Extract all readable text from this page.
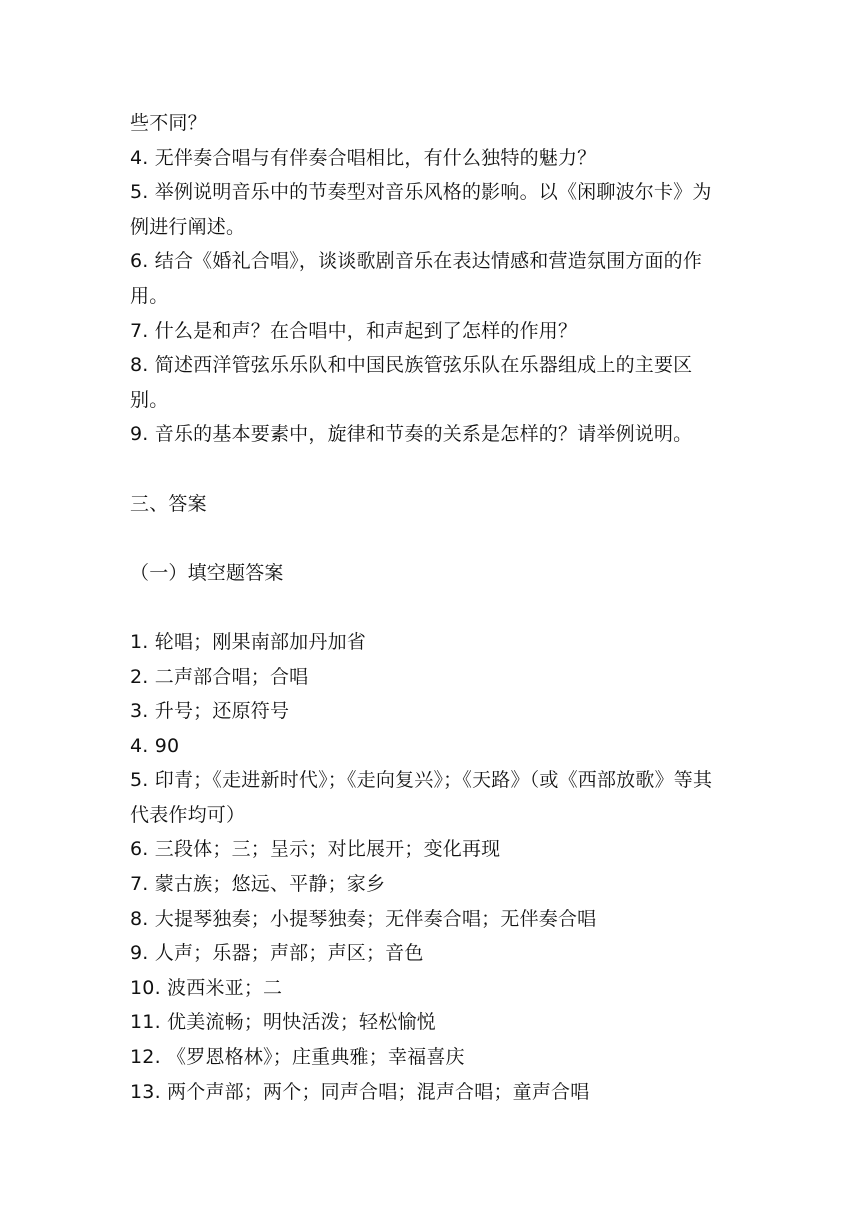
些不同？
4. 无伴奏合唱与有伴奏合唱相比，有什么独特的魅力？
5. 举例说明音乐中的节奏型对音乐风格的影响。以《闲聊波尔卡》为
例进行阐述。
6. 结合《婚礼合唱》，谈谈歌剧音乐在表达情感和营造氛围方面的作
用。
7. 什么是和声？在合唱中，和声起到了怎样的作用？
8. 简述西洋管弦乐乐队和中国民族管弦乐队在乐器组成上的主要区
别。
9. 音乐的基本要素中，旋律和节奏的关系是怎样的？请举例说明。
三、答案
（一）填空题答案
1. 轮唱；刚果南部加丹加省
2. 二声部合唱；合唱
3. 升号；还原符号
4. 90
5. 印青；《走进新时代》；《走向复兴》；《天路》（或《西部放歌》等其
代表作均可）
6. 三段体；三；呈示；对比展开；变化再现
7. 蒙古族；悠远、平静；家乡
8. 大提琴独奏；小提琴独奏；无伴奏合唱；无伴奏合唱
9. 人声；乐器；声部；声区；音色
10. 波西米亚；二
11. 优美流畅；明快活泼；轻松愉悦
12. 《罗恩格林》；庄重典雅；幸福喜庆
13. 两个声部；两个；同声合唱；混声合唱；童声合唱
